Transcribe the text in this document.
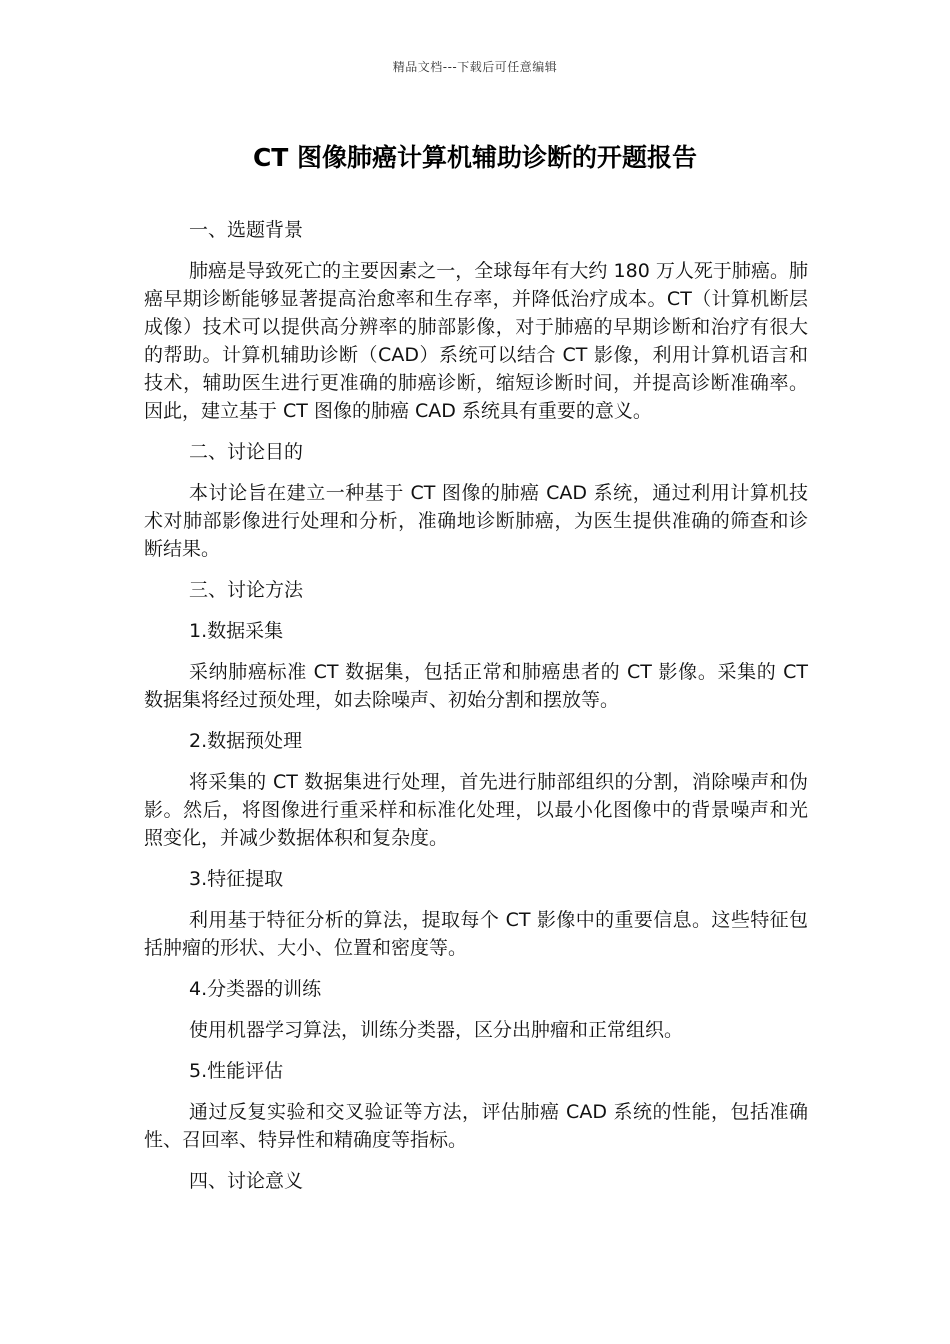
精品文档---下载后可任意编辑
CT 图像肺癌计算机辅助诊断的开题报告
一、选题背景

肺癌是导致死亡的主要因素之一，全球每年有大约 180 万人死于肺癌。肺癌早期诊断能够显著提高治愈率和生存率，并降低治疗成本。CT（计算机断层成像）技术可以提供高分辨率的肺部影像，对于肺癌的早期诊断和治疗有很大的帮助。计算机辅助诊断（CAD）系统可以结合 CT 影像，利用计算机语言和技术，辅助医生进行更准确的肺癌诊断，缩短诊断时间，并提高诊断准确率。因此，建立基于 CT 图像的肺癌 CAD 系统具有重要的意义。

二、讨论目的

本讨论旨在建立一种基于 CT 图像的肺癌 CAD 系统，通过利用计算机技术对肺部影像进行处理和分析，准确地诊断肺癌，为医生提供准确的筛查和诊断结果。

三、讨论方法
1.数据采集

采纳肺癌标准 CT 数据集，包括正常和肺癌患者的 CT 影像。采集的 CT 数据集将经过预处理，如去除噪声、初始分割和摆放等。

2.数据预处理

将采集的 CT 数据集进行处理，首先进行肺部组织的分割，消除噪声和伪影。然后，将图像进行重采样和标准化处理，以最小化图像中的背景噪声和光照变化，并减少数据体积和复杂度。

3.特征提取

利用基于特征分析的算法，提取每个 CT 影像中的重要信息。这些特征包括肿瘤的形状、大小、位置和密度等。

4.分类器的训练

使用机器学习算法，训练分类器，区分出肿瘤和正常组织。

5.性能评估

通过反复实验和交叉验证等方法，评估肺癌 CAD 系统的性能，包括准确性、召回率、特异性和精确度等指标。

四、讨论意义
